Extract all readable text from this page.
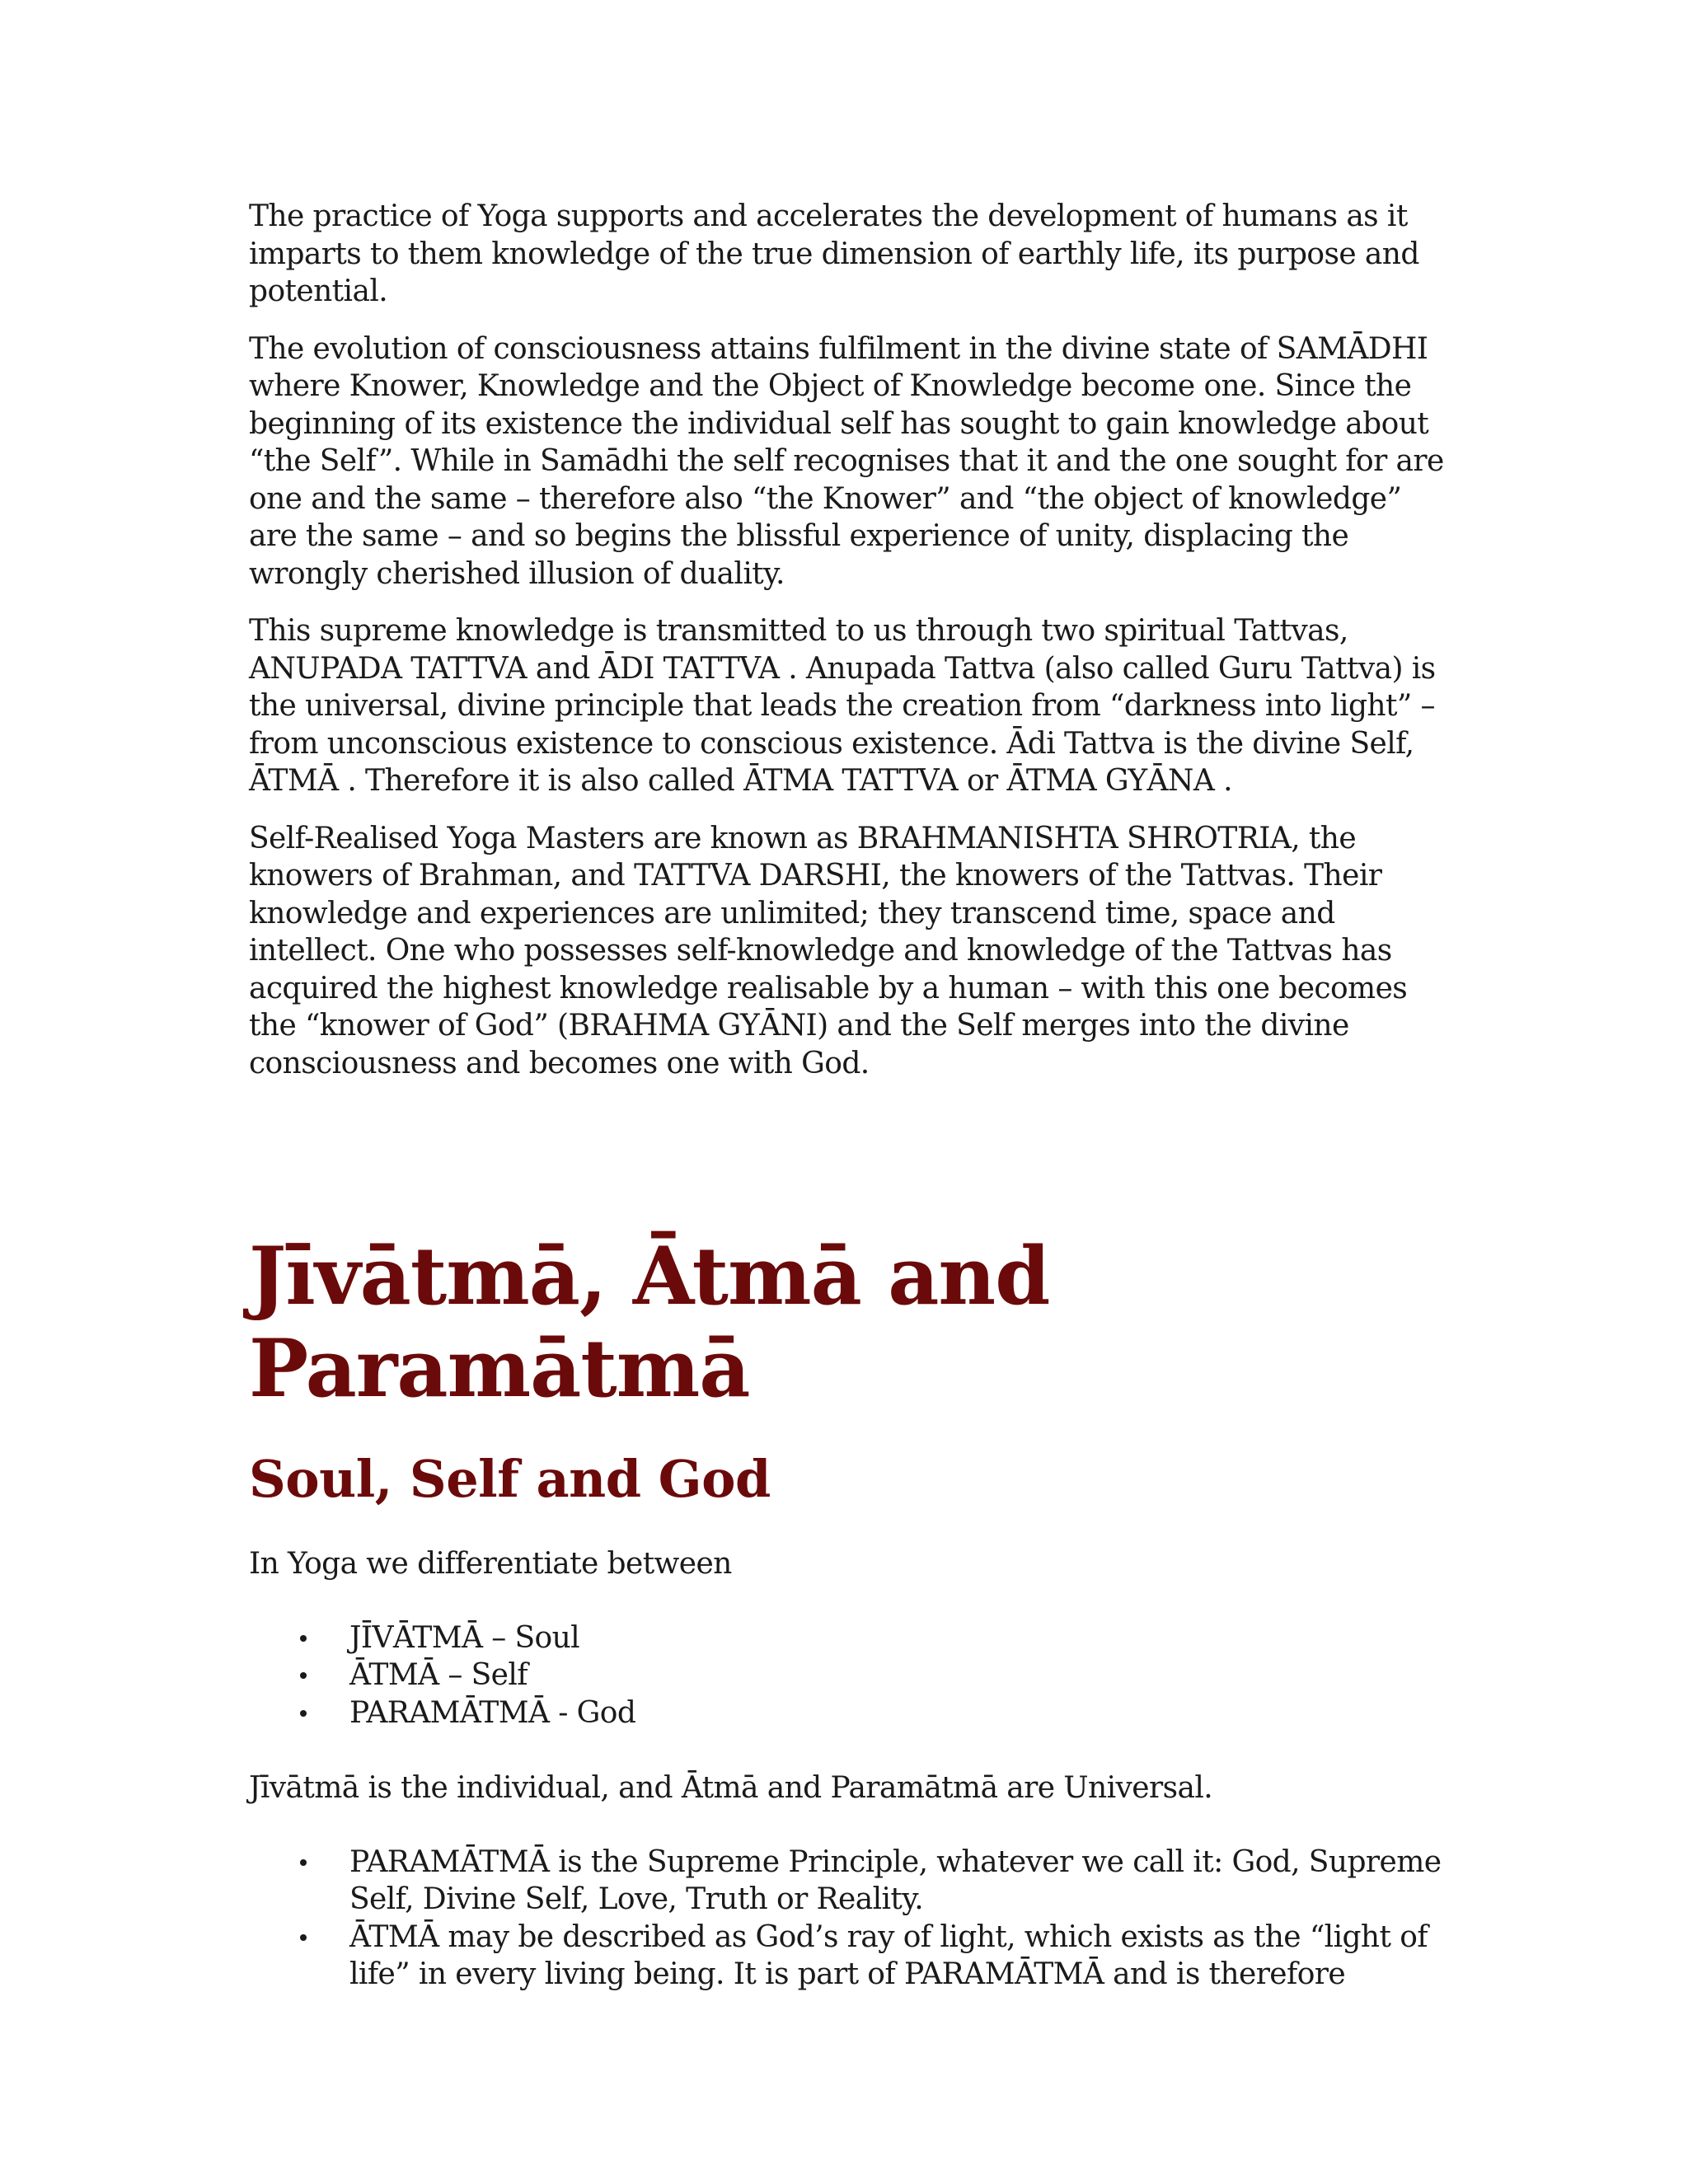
The practice of Yoga supports and accelerates the development of humans as it imparts to them knowledge of the true dimension of earthly life, its purpose and potential.

The evolution of consciousness attains fulfilment in the divine state of SAMĀDHI where Knower, Knowledge and the Object of Knowledge become one. Since the beginning of its existence the individual self has sought to gain knowledge about “the Self”. While in Samādhi the self recognises that it and the one sought for are one and the same – therefore also “the Knower” and “the object of knowledge” are the same – and so begins the blissful experience of unity, displacing the wrongly cherished illusion of duality.

This supreme knowledge is transmitted to us through two spiritual Tattvas, ANUPADA TATTVA and ĀDI TATTVA . Anupada Tattva (also called Guru Tattva) is the universal, divine principle that leads the creation from “darkness into light” – from unconscious existence to conscious existence. Ādi Tattva is the divine Self, ĀTMĀ . Therefore it is also called ĀTMA TATTVA or ĀTMA GYĀNA .

Self-Realised Yoga Masters are known as BRAHMANISHTA SHROTRIA, the knowers of Brahman, and TATTVA DARSHI, the knowers of the Tattvas. Their knowledge and experiences are unlimited; they transcend time, space and intellect. One who possesses self-knowledge and knowledge of the Tattvas has acquired the highest knowledge realisable by a human – with this one becomes the “knower of God” (BRAHMA GYĀNI) and the Self merges into the divine consciousness and becomes one with God.

Jīvātmā, Ātmā and Paramātmā
Soul, Self and God

In Yoga we differentiate between

JĪVĀTMĀ – Soul
ĀTMĀ – Self
PARAMĀTMĀ - God

Jīvātmā is the individual, and Ātmā and Paramātmā are Universal.

PARAMĀTMĀ is the Supreme Principle, whatever we call it: God, Supreme Self, Divine Self, Love, Truth or Reality.
ĀTMĀ may be described as God’s ray of light, which exists as the “light of life” in every living being. It is part of PARAMĀTMĀ and is therefore
